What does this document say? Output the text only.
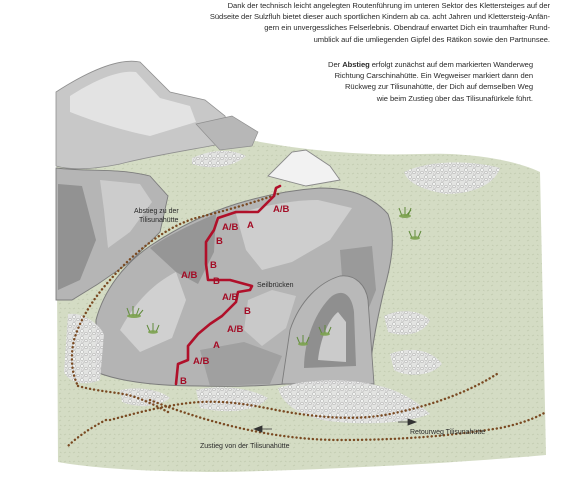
A/B
A
A/B
B
B
A/B
B
A/B
B
A/B
A
A/B
B
Abstieg zu der
Tilisunahütte
Seilbrücken
Zustieg von der Tilisunahütte
Retourweg Tilisunahütte
Dank der technisch leicht angelegten Routenführung im unteren Sektor des Klettersteiges auf der
Südseite der Sulzfluh bietet dieser auch sportlichen Kindern ab ca. acht Jahren und Klettersteig-Anfän-
gern ein unvergessliches Felserlebnis. Obendrauf erwartet Dich ein traumhafter Rund-
umblick auf die umliegenden Gipfel des Rätikon sowie den Partnunsee.
Der Abstieg erfolgt zunächst auf dem markierten Wanderweg
Richtung Carschinahütte. Ein Wegweiser markiert dann den
Rückweg zur Tilisunahütte, der Dich auf demselben Weg
wie beim Zustieg über das Tilisunafürkele führt.
